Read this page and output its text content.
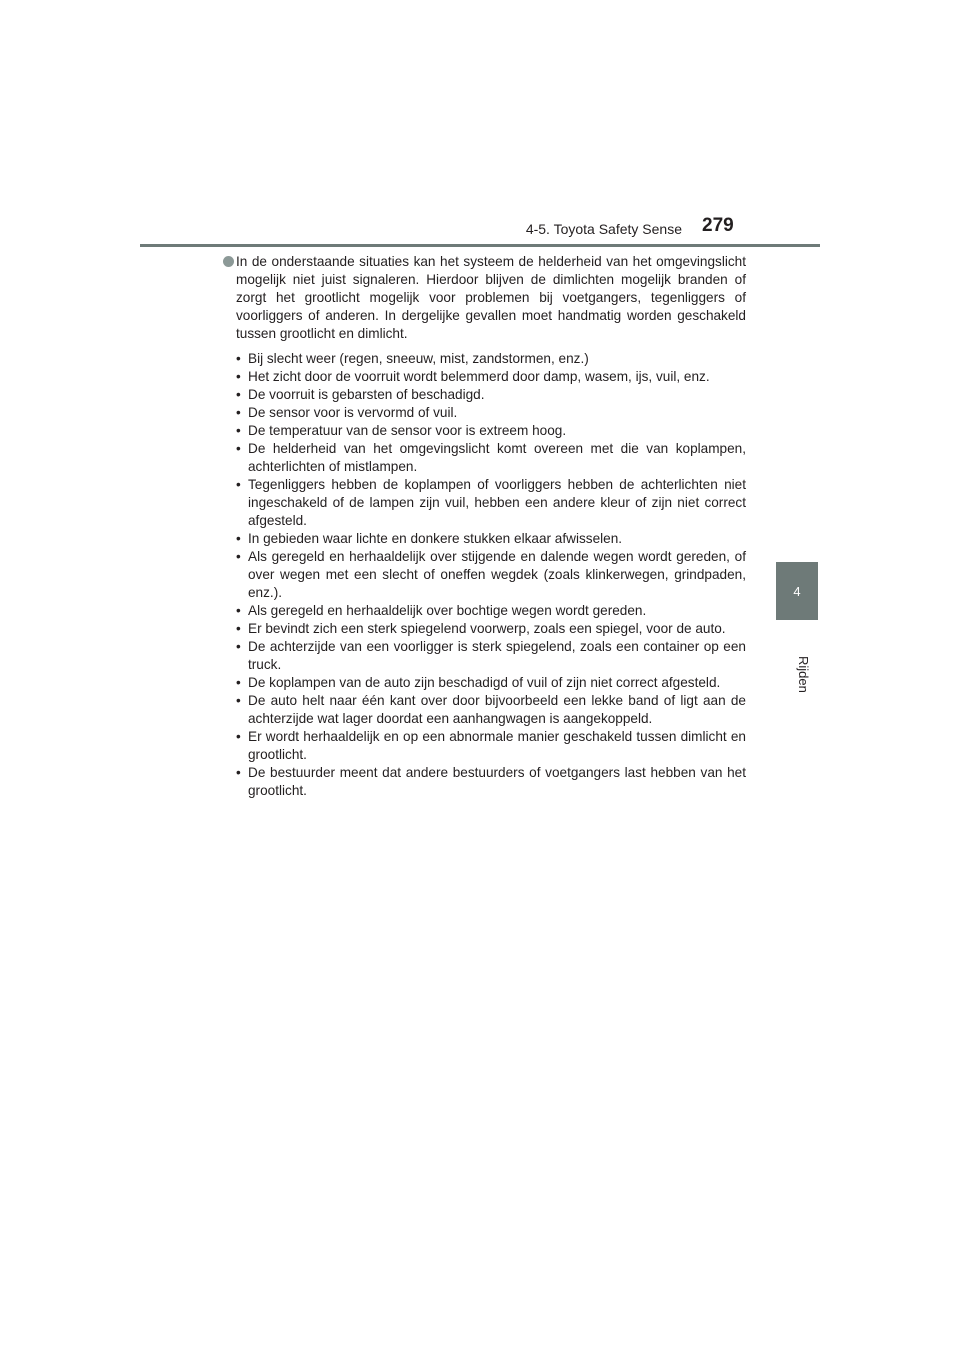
4-5. Toyota Safety Sense 279
4
Rijden

In de onderstaande situaties kan het systeem de helderheid van het omgevingslicht mogelijk niet juist signaleren. Hierdoor blijven de dimlichten mogelijk branden of zorgt het grootlicht mogelijk voor problemen bij voetgangers, tegenliggers of voorliggers of anderen. In dergelijke gevallen moet handmatig worden geschakeld tussen grootlicht en dimlicht.

• Bij slecht weer (regen, sneeuw, mist, zandstormen, enz.)
• Het zicht door de voorruit wordt belemmerd door damp, wasem, ijs, vuil, enz.
• De voorruit is gebarsten of beschadigd.
• De sensor voor is vervormd of vuil.
• De temperatuur van de sensor voor is extreem hoog.
• De helderheid van het omgevingslicht komt overeen met die van koplampen, achterlichten of mistlampen.
• Tegenliggers hebben de koplampen of voorliggers hebben de achterlichten niet ingeschakeld of de lampen zijn vuil, hebben een andere kleur of zijn niet correct afgesteld.
• In gebieden waar lichte en donkere stukken elkaar afwisselen.
• Als geregeld en herhaaldelijk over stijgende en dalende wegen wordt gereden, of over wegen met een slecht of oneffen wegdek (zoals klinkerwegen, grindpaden, enz.).
• Als geregeld en herhaaldelijk over bochtige wegen wordt gereden.
• Er bevindt zich een sterk spiegelend voorwerp, zoals een spiegel, voor de auto.
• De achterzijde van een voorligger is sterk spiegelend, zoals een container op een truck.
• De koplampen van de auto zijn beschadigd of vuil of zijn niet correct afgesteld.
• De auto helt naar één kant over door bijvoorbeeld een lekke band of ligt aan de achterzijde wat lager doordat een aanhangwagen is aangekoppeld.
• Er wordt herhaaldelijk en op een abnormale manier geschakeld tussen dimlicht en grootlicht.
• De bestuurder meent dat andere bestuurders of voetgangers last hebben van het grootlicht.
